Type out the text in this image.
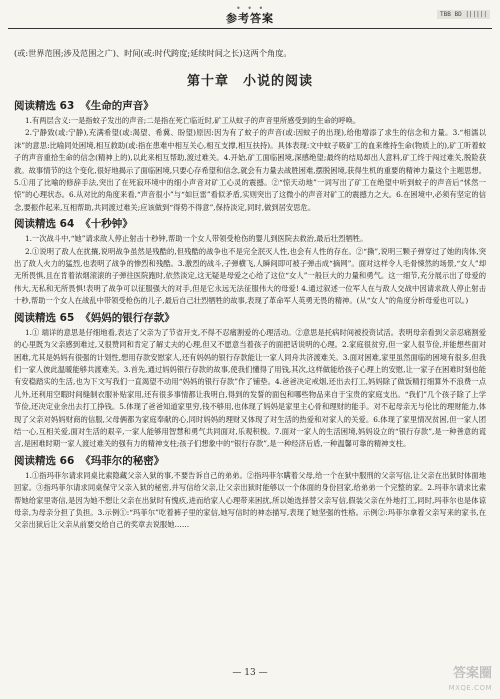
• • •
参考答案	TBB BD ||||||

(或:世界范围;涉及范围之广)、时间(或:时代跨度;延续时间之长)这两个角度。

第十章 小说的阅读
阅读精选 63 《生命的声音》

1.有两层含义:一是指蚊子发出的声音;二是指在死亡临近时,矿工从蚊子的声音里所感受到的生命的呼唤。

2.宁静致(或:宁静),充满希望(或:渴望、希冀、盼望)原因:因为有了蚊子的声音(或:因蚊子的出现),给他增添了求生的信念和力量。3.“相濡以沫”的意思:比喻同处困境,相互救助(或:指在患难中相互关心,相互支撑,相互扶持)。具体表现:文中蚊子吸矿工的血来维持生命(物质上的),矿工听着蚊子的声音重拾生命的信念(精神上的),以此来相互帮助,渡过难关。4.开始,矿工面临困境,深感绝望;最终的结局却出人意料,矿工终于闯过难关,脱险获救。故事情节的这个变化,很好地揭示了面临困境,只要心存希望和信念,就会有力量去战胜困难,摆脱困境,获得生机的重要的精神力量这个主题思想。5.①用了比喻的修辞手法,突出了在死寂环境中的细小声音对矿工心灵的震撼。②“惊天动地”一词写出了矿工在绝望中听到蚊子的声音后“怵然一惊”的心理状态。6.从对比的角度来看,“声音很小”与“如巨雷”看似矛盾,实则突出了这微小的声音对矿工的震撼力之大。6.在困境中,必须有坚定的信念,要振作起来,互相帮助,共同渡过难关;应该做到“得势不得意”,保持淡定,同时,做到居安思危。

阅读精选 64 《十秒钟》

1.一次战斗中,“她”请求敌人停止射击十秒钟,帮助一个女人带领受枪伤的婴儿到医院去救治,最后壮烈牺牲。

2.①说明了敌人在扰攘,说明战争虽然是残酷的,但残酷的战争也不是完全泯灭人性,也会有人性的存在。②“撕”,说明三颗子弹穿过了她的肉体,突出了敌人火力的猛烈,也表明了战争的惨烈和残酷。3.激烈的战斗,子弹横飞,人瞬间即可被子弹击成“摘网”。面对这样令人毛骨悚然的场景,“女人”却无所畏惧,且在肯着浓烟滚滚的子弹往医院跑时,依然淡定,这无疑是母爱之心给了这位“女人”一般巨大的力量和勇气。这一细节,充分展示出了母爱的伟大,无私和无所畏惧!表明了战争可以征服强大的对手,但是它永远无法征服伟大的母爱! 4.通过叙述一位军人在与敌人交战中因请求敌人停止射击十秒,帮助一个女人在战乱中带领受枪伤的儿子,最后自己壮烈牺牲的故事,表现了革命军人英勇无畏的精神。(从“女人”的角度分析母爱也可以。)

阅读精选 65 《妈妈的银行存款》

1.① 端详的意思是仔细地看,表达了父亲为了节省开支,不得不忍痛割爱的心理活动。②意思是托病时间被投资试活。表明母亲看到父亲忍痛割爱的心里既为父亲感到难过,又很赞同和肯定了解丈夫的心理,但又不愿意当着孩子的面把话说明的心理。2.家庭很贫穷,但一家人很节俭,并能想些面对困难,尤其是妈妈有很强的计划性,想用存款安慰家人,还有妈妈的银行存款能让一家人同舟共济渡难关。3.面对困难,家里虽然面临的困境有很多,但我们一家人彼此温暖能够共渡难关。3.首先,通过妈妈银行存款的故事,使我们懂得了用钱,其次,这样做能给孩子心理上的安慰,让一家子在困难时刻也能有安稳踏实的生活,也为下文写我们一直渴望不动用“妈妈的银行存款”作了铺垫。4.爸爸决定戒烟,还出去打工,妈妈除了做饭精打细算外不浪费一点儿外,还利用空暇时间缝制衣服补贴家用,还有很多事情都让我明白,得到的发誓的面包和哪些物品来自于宝贵的家庭支出。“我们”几个孩子除了上学节俭,还决定业余出去打工挣钱。5.体现了爸爸知道家里穷,钱不够用,也体现了妈妈是家里主心骨和理财的能手。对不起母亲无与伦比的理财能力,体现了父亲对妈妈财商的信服,父母俩都为家庭奉献的心,同时妈妈的理财又体现了对生活的热爱和对家人的关爱。6.体现了家里情况贫困,但一家人团结一心,互相关爱,面对生活的艰辛,一家人能够用智慧和勇气共同面对,乐观积极。7.面对一家人的生活困境,妈妈设立的“银行存款”,是一种善意的谎言,是困难时期一家人渡过难关的强有力的精神支柱;孩子们想象中的“银行存款”,是一种经济后盾,一种温馨可靠的精神支柱。

阅读精选 66 《玛菲尔的秘密》

1.①指玛菲尔请求同桌比索隐藏父亲入狱的事,不要告诉自己的弟弟。②指玛菲尔瞒着父母,给一个在狱中服刑的父亲写信,让父亲在出狱时体面地回家。③指玛菲尔请求同桌保守父亲入狱的秘密,并写信给父亲,让父亲出狱时能够以一个体面的身份回家,给弟弟一个完整的家。2.玛菲尔请求比索帮她给家里寄信,是因为她不想让父亲在出狱时有愧疚,进而给家人心理带来困扰,所以她选择替父亲写信,假装父亲在外地打工,同时,玛菲尔也是体谅母亲,为母亲分担了负担。3.示例①:“玛菲尔”吃着裤子里的家信,她写信时的神态描写,表现了她坚强的性格。示例②:玛菲尔拿着父亲写来的家书,在父亲出狱后让父亲从前要交给自己的奖章去说服她……

— 13 —	答案圈
MXQE.COM
